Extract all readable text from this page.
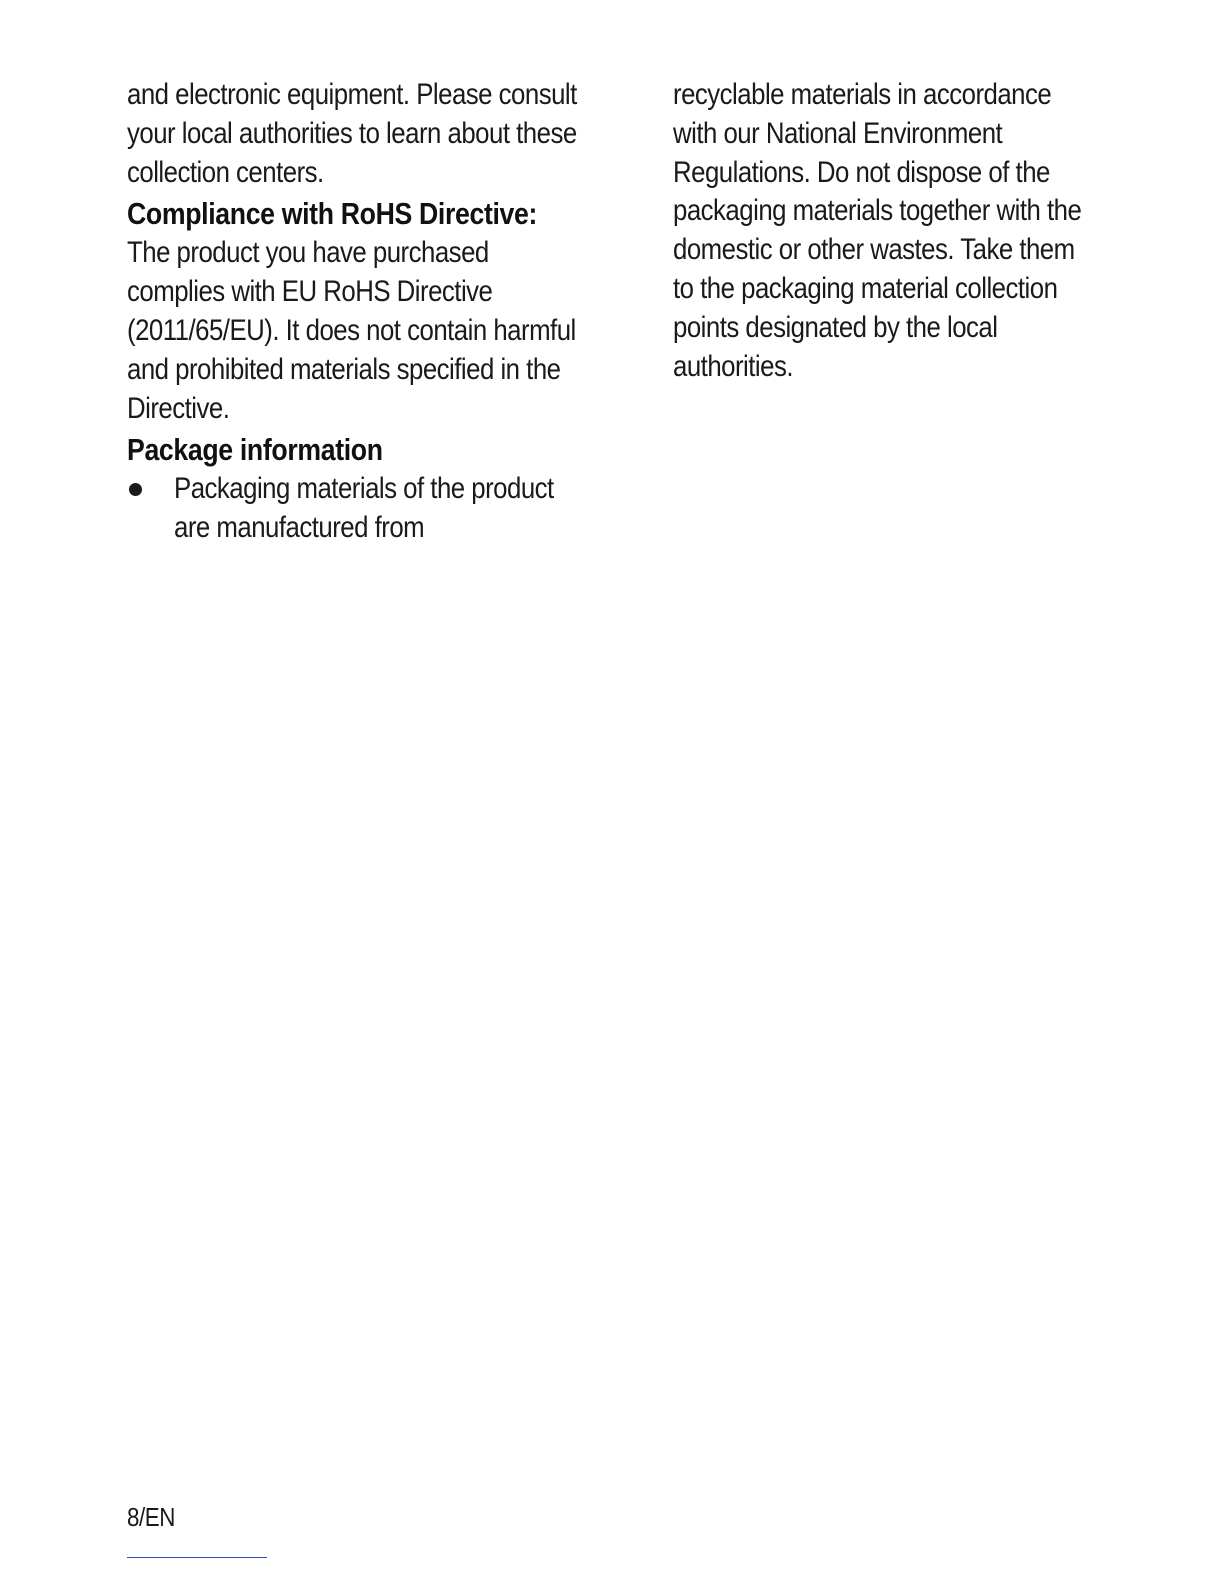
and electronic equipment. Please consult your local authorities to learn about these collection centers.

Compliance with RoHS Directive:

The product you have purchased complies with EU RoHS Directive (2011/65/EU). It does not contain harmful and prohibited materials specified in the Directive.

Package information
Packaging materials of the product are manufactured from

recyclable materials in accordance with our National Environment Regulations. Do not dispose of the packaging materials together with the domestic or other wastes. Take them to the packaging material collection points designated by the local authorities.

8/EN
